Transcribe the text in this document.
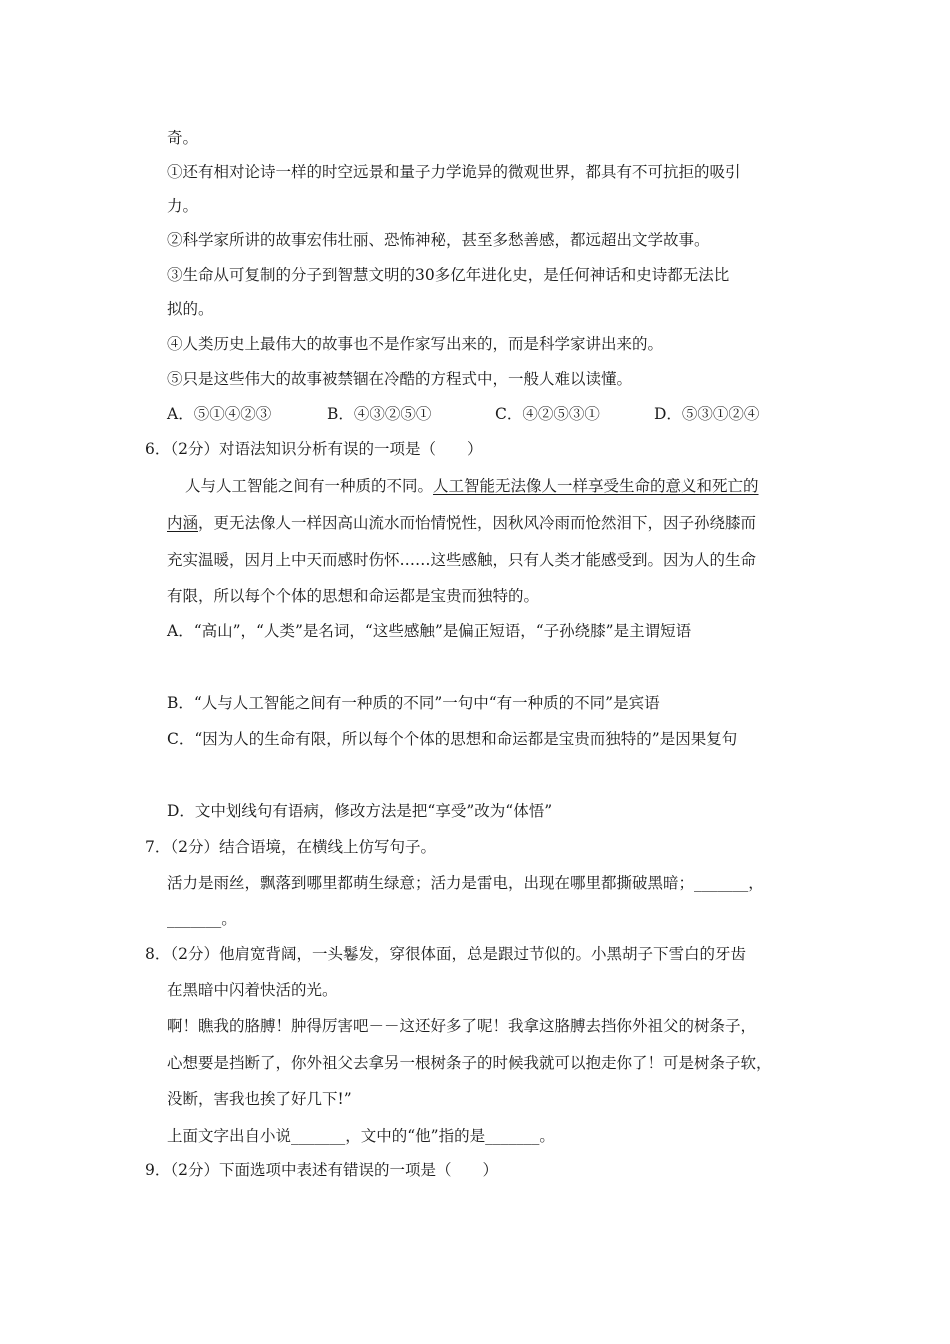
奇。
①还有相对论诗一样的时空远景和量子力学诡异的微观世界，都具有不可抗拒的吸引
力。
②科学家所讲的故事宏伟壮丽、恐怖神秘，甚至多愁善感，都远超出文学故事。
③生命从可复制的分子到智慧文明的30多亿年进化史，是任何神话和史诗都无法比
拟的。
④人类历史上最伟大的故事也不是作家写出来的，而是科学家讲出来的。
⑤只是这些伟大的故事被禁锢在冷酷的方程式中，一般人难以读懂。
A．⑤①④②③	B．④③②⑤①	C．④②⑤③①	D．⑤③①②④
6．（2分）对语法知识分析有误的一项是（　　）
人与人工智能之间有一种质的不同。人工智能无法像人一样享受生命的意义和死亡的
内涵，更无法像人一样因高山流水而怡情悦性，因秋风冷雨而怆然泪下，因子孙绕膝而
充实温暖，因月上中天而感时伤怀……这些感触，只有人类才能感受到。因为人的生命
有限，所以每个个体的思想和命运都是宝贵而独特的。
A．“高山”，“人类”是名词，“这些感触”是偏正短语，“子孙绕膝”是主谓短语
B．“人与人工智能之间有一种质的不同”一句中“有一种质的不同”是宾语
C．“因为人的生命有限，所以每个个体的思想和命运都是宝贵而独特的”是因果复句
D．文中划线句有语病，修改方法是把“享受”改为“体悟”
7．（2分）结合语境，在横线上仿写句子。
活力是雨丝，飘落到哪里都萌生绿意；活力是雷电，出现在哪里都撕破黑暗；_______，
_______。
8．（2分）他肩宽背阔，一头鬈发，穿很体面，总是跟过节似的。小黑胡子下雪白的牙齿
在黑暗中闪着快活的光。
啊！瞧我的胳膊！肿得厉害吧－－这还好多了呢！我拿这胳膊去挡你外祖父的树条子，
心想要是挡断了，你外祖父去拿另一根树条子的时候我就可以抱走你了！可是树条子软，
没断，害我也挨了好几下!”
上面文字出自小说_______，文中的“他”指的是_______。
9．（2分）下面选项中表述有错误的一项是（　　）
